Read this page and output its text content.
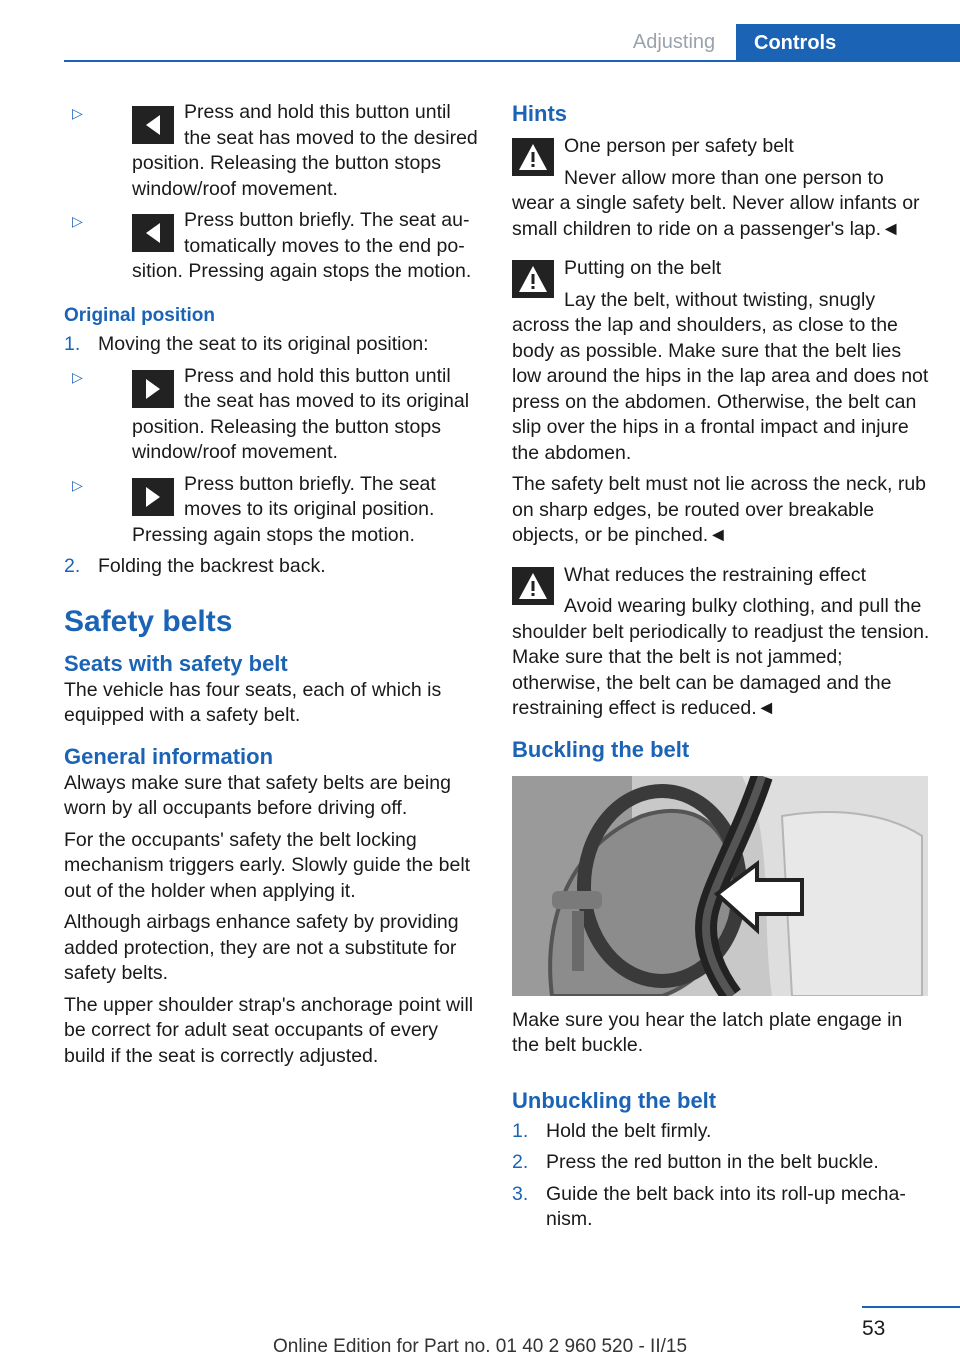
Adjusting	Controls
▷
Press and hold this button until the seat has moved to the desired position. Releasing the button stops window/roof movement.
▷
Press button briefly. The seat automatically moves to the end position. Pressing again stops the motion.
Original position
1. Moving the seat to its original position:
▷
Press and hold this button until the seat has moved to its original position. Releasing the button stops window/roof movement.
▷
Press button briefly. The seat moves to its original position. Pressing again stops the motion.
2. Folding the backrest back.
Safety belts
Seats with safety belt

The vehicle has four seats, each of which is equipped with a safety belt.

General information

Always make sure that safety belts are being worn by all occupants before driving off.

For the occupants' safety the belt locking mechanism triggers early. Slowly guide the belt out of the holder when applying it.

Although airbags enhance safety by providing added protection, they are not a substitute for safety belts.

The upper shoulder strap's anchorage point will be correct for adult seat occupants of every build if the seat is correctly adjusted.

Hints
One person per safety belt
Never allow more than one person to wear a single safety belt. Never allow infants or small children to ride on a passenger's lap.◄
Putting on the belt
Lay the belt, without twisting, snugly across the lap and shoulders, as close to the body as possible. Make sure that the belt lies low around the hips in the lap area and does not press on the abdomen. Otherwise, the belt can slip over the hips in a frontal impact and injure the abdomen.

The safety belt must not lie across the neck, rub on sharp edges, be routed over breakable objects, or be pinched.◄

What reduces the restraining effect
Avoid wearing bulky clothing, and pull the shoulder belt periodically to readjust the tension. Make sure that the belt is not jammed; otherwise, the belt can be damaged and the restraining effect is reduced.◄
Buckling the belt

Make sure you hear the latch plate engage in the belt buckle.

Unbuckling the belt
1. Hold the belt firmly.
2. Press the red button in the belt buckle.
3. Guide the belt back into its roll-up mechanism.
53
Online Edition for Part no. 01 40 2 960 520 - II/15
